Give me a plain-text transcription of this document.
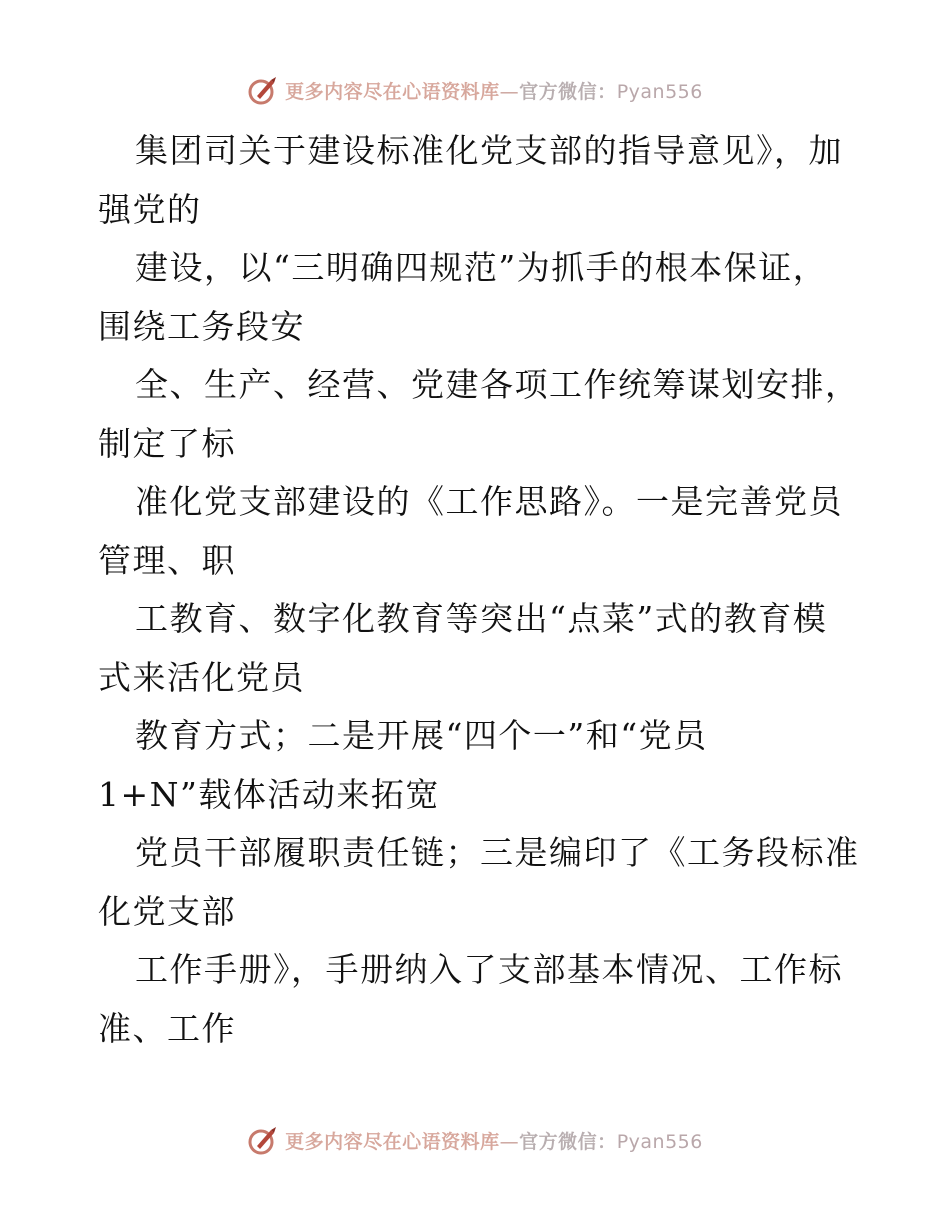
更多内容尽在心语资料库—官方微信：Pyan556
集团司关于建设标准化党支部的指导意见》，加
强党的
建设，以“三明确四规范”为抓手的根本保证，
围绕工务段安
全、生产、经营、党建各项工作统筹谋划安排，
制定了标
准化党支部建设的《工作思路》。一是完善党员
管理、职
工教育、数字化教育等突出“点菜”式的教育模
式来活化党员
教育方式；二是开展“四个一”和“党员
1+N”载体活动来拓宽
党员干部履职责任链；三是编印了《工务段标准
化党支部
工作手册》，手册纳入了支部基本情况、工作标
准、工作
更多内容尽在心语资料库—官方微信：Pyan556
